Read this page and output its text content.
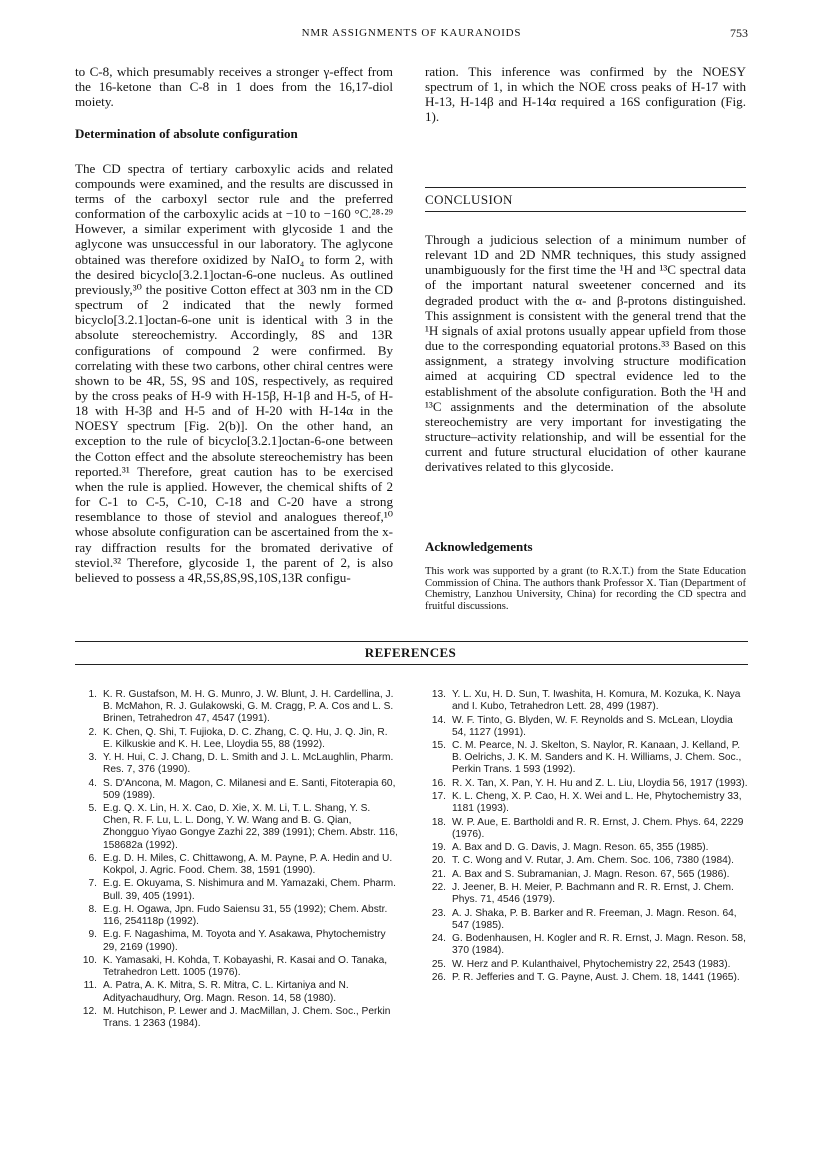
NMR ASSIGNMENTS OF KAURANOIDS	753

to C-8, which presumably receives a stronger γ-effect from the 16-ketone than C-8 in 1 does from the 16,17-diol moiety.

Determination of absolute configuration

The CD spectra of tertiary carboxylic acids and related compounds were examined, and the results are discussed in terms of the carboxyl sector rule and the preferred conformation of the carboxylic acids at −10 to −160 °C.²⁸·²⁹ However, a similar experiment with glycoside 1 and the aglycone was unsuccessful in our laboratory. The aglycone obtained was therefore oxidized by NaIO₄ to form 2, with the desired bicyclo[3.2.1]octan-6-one nucleus. As outlined previously,³⁰ the positive Cotton effect at 303 nm in the CD spectrum of 2 indicated that the newly formed bicyclo[3.2.1]octan-6-one unit is identical with 3 in the absolute stereochemistry. Accordingly, 8S and 13R configurations of compound 2 were confirmed. By correlating with these two carbons, other chiral centres were shown to be 4R, 5S, 9S and 10S, respectively, as required by the cross peaks of H-9 with H-15β, H-1β and H-5, of H-18 with H-3β and H-5 and of H-20 with H-14α in the NOESY spectrum [Fig. 2(b)]. On the other hand, an exception to the rule of bicyclo[3.2.1]octan-6-one between the Cotton effect and the absolute stereochemistry has been reported.³¹ Therefore, great caution has to be exercised when the rule is applied. However, the chemical shifts of 2 for C-1 to C-5, C-10, C-18 and C-20 have a strong resemblance to those of steviol and analogues thereof,¹⁰ whose absolute configuration can be ascertained from the x-ray diffraction results for the bromated derivative of steviol.³² Therefore, glycoside 1, the parent of 2, is also believed to possess a 4R,5S,8S,9S,10S,13R configu-

ration. This inference was confirmed by the NOESY spectrum of 1, in which the NOE cross peaks of H-17 with H-13, H-14β and H-14α required a 16S configuration (Fig. 1).

CONCLUSION

Through a judicious selection of a minimum number of relevant 1D and 2D NMR techniques, this study assigned unambiguously for the first time the ¹H and ¹³C spectral data of the important natural sweetener concerned and its degraded product with the α- and β-protons distinguished. This assignment is consistent with the general trend that the ¹H signals of axial protons usually appear upfield from those due to the corresponding equatorial protons.³³ Based on this assignment, a strategy involving structure modification aimed at acquiring CD spectral evidence led to the establishment of the absolute configuration. Both the ¹H and ¹³C assignments and the determination of the absolute stereochemistry are very important for investigating the structure–activity relationship, and will be essential for the current and future structural elucidation of other kaurane derivatives related to this glycoside.

Acknowledgements

This work was supported by a grant (to R.X.T.) from the State Education Commission of China. The authors thank Professor X. Tian (Department of Chemistry, Lanzhou University, China) for recording the CD spectra and fruitful discussions.

REFERENCES
1. K. R. Gustafson, M. H. G. Munro, J. W. Blunt, J. H. Cardellina, J. B. McMahon, R. J. Gulakowski, G. M. Cragg, P. A. Cos and L. S. Brinen, Tetrahedron 47, 4547 (1991).
2. K. Chen, Q. Shi, T. Fujioka, D. C. Zhang, C. Q. Hu, J. Q. Jin, R. E. Kilkuskie and K. H. Lee, Lloydia 55, 88 (1992).
3. Y. H. Hui, C. J. Chang, D. L. Smith and J. L. McLaughlin, Pharm. Res. 7, 376 (1990).
4. S. D'Ancona, M. Magon, C. Milanesi and E. Santi, Fitoterapia 60, 509 (1989).
5. E.g. Q. X. Lin, H. X. Cao, D. Xie, X. M. Li, T. L. Shang, Y. S. Chen, R. F. Lu, L. L. Dong, Y. W. Wang and B. G. Qian, Zhongguo Yiyao Gongye Zazhi 22, 389 (1991); Chem. Abstr. 116, 158682a (1992).
6. E.g. D. H. Miles, C. Chittawong, A. M. Payne, P. A. Hedin and U. Kokpol, J. Agric. Food. Chem. 38, 1591 (1990).
7. E.g. E. Okuyama, S. Nishimura and M. Yamazaki, Chem. Pharm. Bull. 39, 405 (1991).
8. E.g. H. Ogawa, Jpn. Fudo Saiensu 31, 55 (1992); Chem. Abstr. 116, 254118p (1992).
9. E.g. F. Nagashima, M. Toyota and Y. Asakawa, Phytochemistry 29, 2169 (1990).
10. K. Yamasaki, H. Kohda, T. Kobayashi, R. Kasai and O. Tanaka, Tetrahedron Lett. 1005 (1976).
11. A. Patra, A. K. Mitra, S. R. Mitra, C. L. Kirtaniya and N. Adityachaudhury, Org. Magn. Reson. 14, 58 (1980).
12. M. Hutchison, P. Lewer and J. MacMillan, J. Chem. Soc., Perkin Trans. 1 2363 (1984).
13. Y. L. Xu, H. D. Sun, T. Iwashita, H. Komura, M. Kozuka, K. Naya and I. Kubo, Tetrahedron Lett. 28, 499 (1987).
14. W. F. Tinto, G. Blyden, W. F. Reynolds and S. McLean, Lloydia 54, 1127 (1991).
15. C. M. Pearce, N. J. Skelton, S. Naylor, R. Kanaan, J. Kelland, P. B. Oelrichs, J. K. M. Sanders and K. H. Williams, J. Chem. Soc., Perkin Trans. 1 593 (1992).
16. R. X. Tan, X. Pan, Y. H. Hu and Z. L. Liu, Lloydia 56, 1917 (1993).
17. K. L. Cheng, X. P. Cao, H. X. Wei and L. He, Phytochemistry 33, 1181 (1993).
18. W. P. Aue, E. Bartholdi and R. R. Ernst, J. Chem. Phys. 64, 2229 (1976).
19. A. Bax and D. G. Davis, J. Magn. Reson. 65, 355 (1985).
20. T. C. Wong and V. Rutar, J. Am. Chem. Soc. 106, 7380 (1984).
21. A. Bax and S. Subramanian, J. Magn. Reson. 67, 565 (1986).
22. J. Jeener, B. H. Meier, P. Bachmann and R. R. Ernst, J. Chem. Phys. 71, 4546 (1979).
23. A. J. Shaka, P. B. Barker and R. Freeman, J. Magn. Reson. 64, 547 (1985).
24. G. Bodenhausen, H. Kogler and R. R. Ernst, J. Magn. Reson. 58, 370 (1984).
25. W. Herz and P. Kulanthaivel, Phytochemistry 22, 2543 (1983).
26. P. R. Jefferies and T. G. Payne, Aust. J. Chem. 18, 1441 (1965).
